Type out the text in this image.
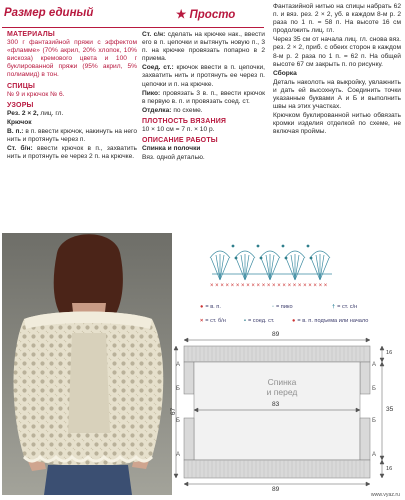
Размер единый	★ Просто
МАТЕРИАЛЫ
300 г фантазийной пряжи с эффектом «фламме» (70% акрил, 20% хлопок, 10% вискоза) кремового цвета и 100 г буклированной пряжи (95% акрил, 5% полиамид) в тон.
СПИЦЫ
№ 9 и крючок № 6.
УЗОРЫ
Рез. 2 × 2, лиц. гл.
Крючок
В. п.: в п. ввести крючок, накинуть на него нить и протянуть через п.
Ст. б/н: ввести крючок в п., захватить нить и протянуть ее через 2 п. на крючке.
Ст. с/н: сделать на крючке нак., ввести его в п. цепочки и вытянуть новую п., 3 п. на крючке провязать попарно в 2 приема.
Соед. ст.: крючок ввести в п. цепочки, захватить нить и протянуть ее через п. цепочки и п. на крючке.
Пико: провязать 3 в. п., ввести крючок в первую в. п. и провязать соед. ст.
Отделка: по схеме.
ПЛОТНОСТЬ ВЯЗАНИЯ
10 × 10 см = 7 п. × 10 р.
ОПИСАНИЕ РАБОТЫ
Спинка и полочки
Вяз. одной деталью.
Фантазийной нитью на спицы набрать 62 п. и вяз. рез. 2 × 2, уб. в каждом 8-м р. 2 раза по 1 п. = 58 п. На высоте 16 см продолжить лиц. гл.
Через 35 см от начала лиц. гл. снова вяз. рез. 2 × 2, приб. с обеих сторон в каждом 8-м р. 2 раза по 1 п. = 62 п. На общей высоте 67 см закрыть п. по рисунку.
Сборка
Деталь наколоть на выкройку, увлажнить и дать ей высохнуть. Соединить точки указанные буквами А и Б и выполнить швы на этих участках.
Крючком буклированной нитью обвязать кромки изделия отделкой по схеме, не включая проймы.
× × × × × × × × × × × × × × × × × × × × × × ×
● = в. п.	◦ = пико	† = ст. с/н
× = ст. б/н	• = соед. ст.	● = в. п. подъема или начало
89
83
89
67
16
35
16
А	А
Б	Б
Б	Б
А	А
Спинка
и перед
www.vyaz.ru
